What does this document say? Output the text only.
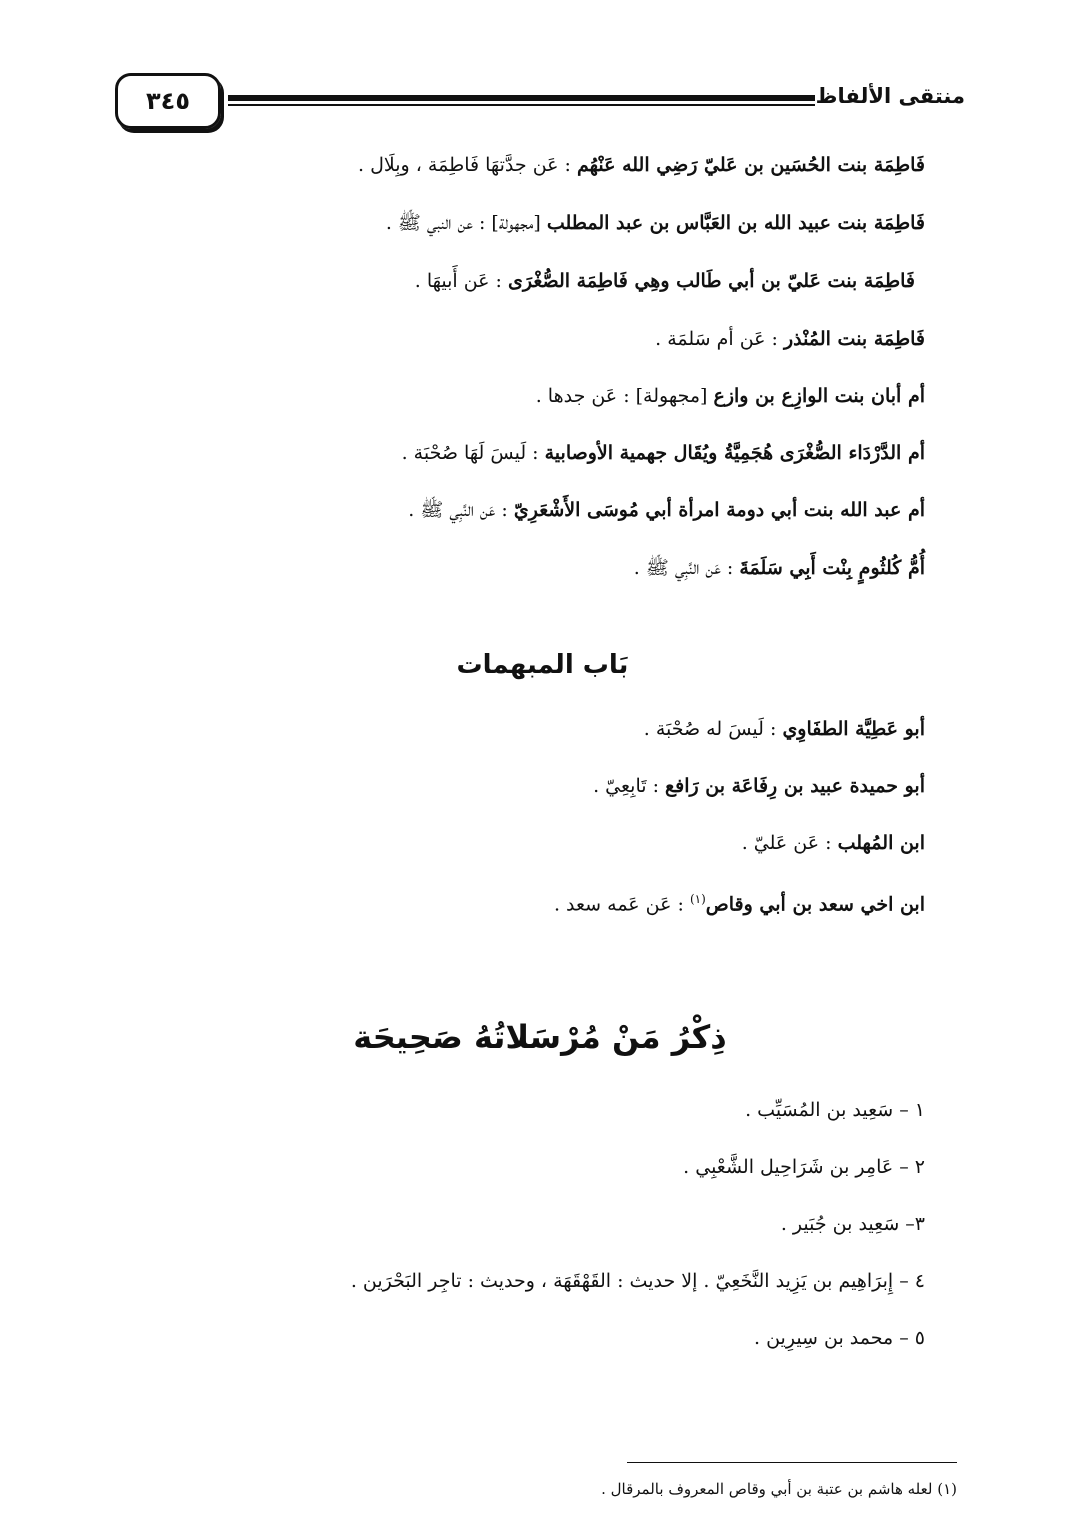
٣٤٥	منتقى الألفاظ
فَاطِمَة بنت الحُسَين بن عَليّ رَضِي الله عَنْهُم : عَن جدَّتهَا فَاطِمَة ، وبِلَال .
فَاطِمَة بنت عبيد الله بن العَبَّاس بن عبد المطلب [مجهولة] : عن النبي ﷺ .
فَاطِمَة بنت عَليّ بن أبي طَالب وهِي فَاطِمَة الصُّغْرَى : عَن أَبيهَا .
فَاطِمَة بنت المُنْذر : عَن أم سَلمَة .
أم أبان بنت الوازِع بن وازع [مجهولة] : عَن جدها .
أم الدَّرْدَاء الصُّغْرَى هُجَمِيَّةُ ويُقَال جهمية الأوصابية : لَيسَ لَهَا صُحْبَة .
أم عبد الله بنت أبي دومة امرأة أبي مُوسَى الأَشْعَرِيّ : عَن النَّبِي ﷺ .
أُمُّ كُلثُومٍ بِنْت أَبِي سَلَمَةَ : عَن النَّبِي ﷺ .
بَاب المبهمات
أبو عَطِيَّة الطفَاوِي : لَيسَ له صُحْبَة .
أبو حميدة عبيد بن رِفَاعَة بن رَافع : تَابِعِيّ .
ابن المُهلب : عَن عَليّ .
ابن اخي سعد بن أبي وقاص$^{(١)}$ : عَن عَمه سعد .
ذِكْرُ مَنْ مُرْسَلاتُهُ صَحِيحَة
١ – سَعِيد بن المُسَيِّب .
٢ – عَامِر بن شَرَاحِيل الشَّعْبِي .
٣– سَعِيد بن جُبَير .
٤ – إِبرَاهِيم بن يَزِيد النَّخَعِيّ . إلا حديث : القَهْقَهَة ، وحديث : تاجِر البَحْرَين .
٥ – محمد بن سِيرِين .
(١) لعله هاشم بن عتبة بن أبي وقاص المعروف بالمرقال .
